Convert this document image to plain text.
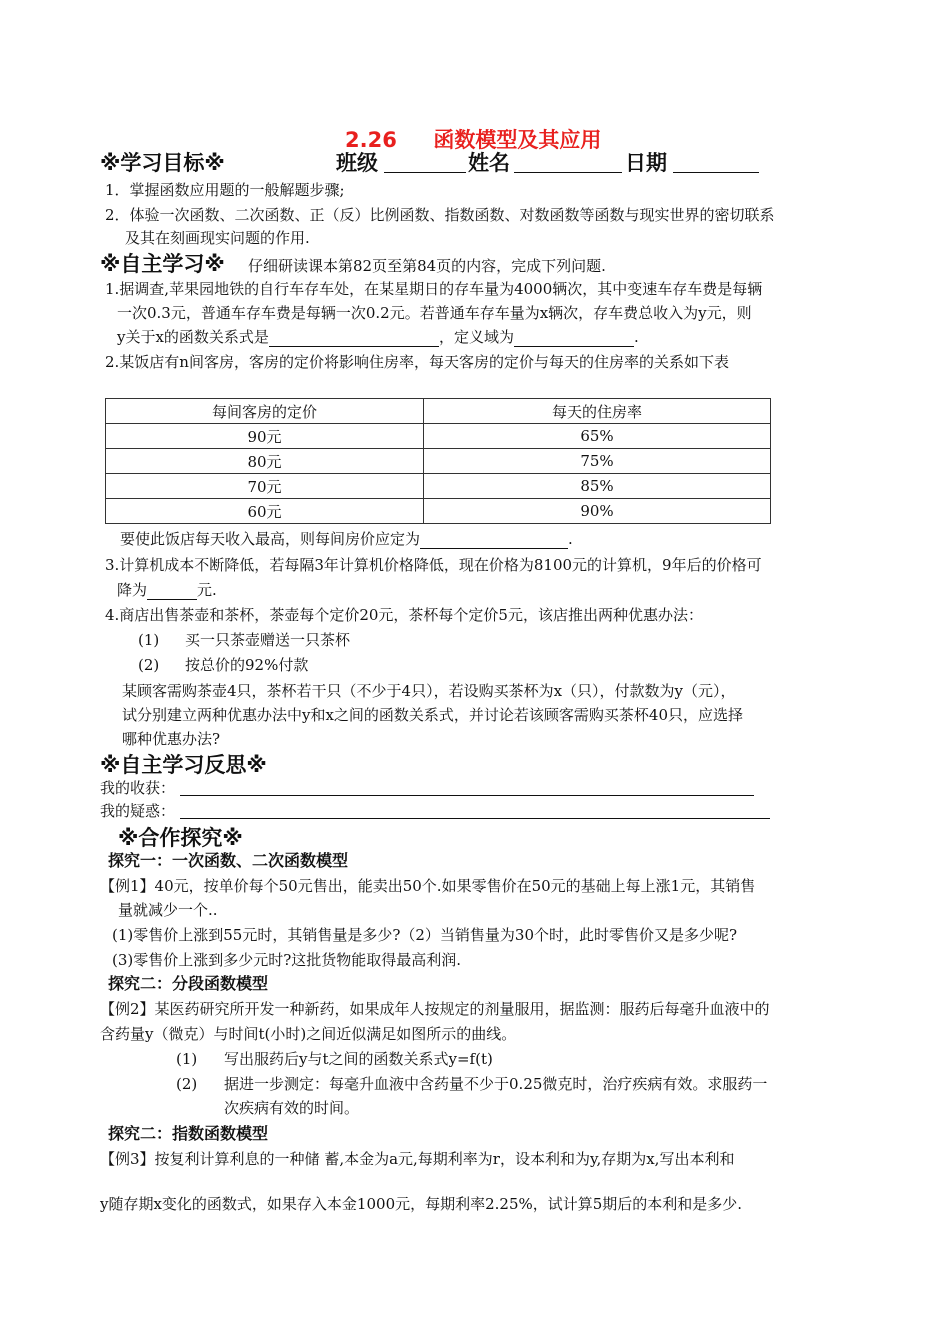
2.26     函数模型及其应用
※学习目标※	班级	姓名	日期
1．掌握函数应用题的一般解题步骤;
2．体验一次函数、二次函数、正（反）比例函数、指数函数、对数函数等函数与现实世界的密切联系
及其在刻画现实问题的作用.
※自主学习※ 仔细研读课本第82页至第84页的内容，完成下列问题.
1.据调查,苹果园地铁的自行车存车处，在某星期日的存车量为4000辆次，其中变速车存车费是每辆
一次0.3元，普通车存车费是每辆一次0.2元。若普通车存车量为x辆次，存车费总收入为y元，则
y关于x的函数关系式是	，定义域为	.
2.某饭店有n间客房，客房的定价将影响住房率，每天客房的定价与每天的住房率的关系如下表
每间客房的定价	每天的住房率
90元	65%
80元	75%
70元	85%
60元	90%
要使此饭店每天收入最高，则每间房价应定为	.
3.计算机成本不断降低，若每隔3年计算机价格降低，现在价格为8100元的计算机，9年后的价格可
降为	元.
4.商店出售茶壶和茶杯，茶壶每个定价20元，茶杯每个定价5元，该店推出两种优惠办法：
(1) 买一只茶壶赠送一只茶杯
(2) 按总价的92%付款
某顾客需购茶壶4只，茶杯若干只（不少于4只），若设购买茶杯为x（只），付款数为y（元），
试分别建立两种优惠办法中y和x之间的函数关系式，并讨论若该顾客需购买茶杯40只，应选择
哪种优惠办法?
※自主学习反思※
我的收获：
我的疑惑：
※合作探究※
探究一：一次函数、二次函数模型
【例1】40元，按单价每个50元售出，能卖出50个.如果零售价在50元的基础上每上涨1元，其销售
量就减少一个..
(1)零售价上涨到55元时，其销售量是多少?（2）当销售量为30个时，此时零售价又是多少呢?
(3)零售价上涨到多少元时?这批货物能取得最高利润.
探究二：分段函数模型
【例2】某医药研究所开发一种新药，如果成年人按规定的剂量服用，据监测：服药后每毫升血液中的
含药量y（微克）与时间t(小时)之间近似满足如图所示的曲线。
(1) 写出服药后y与t之间的函数关系式y=f(t)
(2) 据进一步测定：每毫升血液中含药量不少于0.25微克时，治疗疾病有效。求服药一
次疾病有效的时间。
探究二：指数函数模型
【例3】按复利计算利息的一种储 蓄,本金为a元,每期利率为r，设本利和为y,存期为x,写出本利和
y随存期x变化的函数式，如果存入本金1000元，每期利率2.25%，试计算5期后的本利和是多少.
